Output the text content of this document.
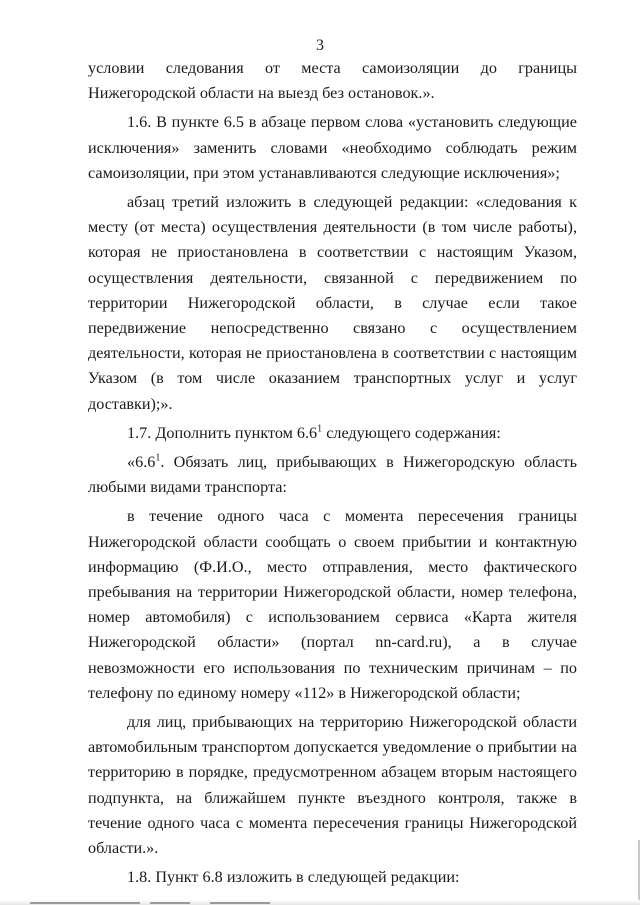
3

условии следования от места самоизоляции до границы Нижегородской области на выезд без остановок.».

1.6. В пункте 6.5 в абзаце первом слова «установить следующие исключения» заменить словами «необходимо соблюдать режим самоизоляции, при этом устанавливаются следующие исключения»;

абзац третий изложить в следующей редакции: «следования к месту (от места) осуществления деятельности (в том числе работы), которая не приостановлена в соответствии с настоящим Указом, осуществления деятельности, связанной с передвижением по территории Нижегородской области, в случае если такое передвижение непосредственно связано с осуществлением деятельности, которая не приостановлена в соответствии с настоящим Указом (в том числе оказанием транспортных услуг и услуг доставки);».

1.7. Дополнить пунктом $6.6^1$ следующего содержания:

«$6.6^1$. Обязать лиц, прибывающих в Нижегородскую область любыми видами транспорта:

в течение одного часа с момента пересечения границы Нижегородской области сообщать о своем прибытии и контактную информацию (Ф.И.О., место отправления, место фактического пребывания на территории Нижегородской области, номер телефона, номер автомобиля) с использованием сервиса «Карта жителя Нижегородской области» (портал nn-card.ru), а в случае невозможности его использования по техническим причинам – по телефону по единому номеру «112» в Нижегородской области;

для лиц, прибывающих на территорию Нижегородской области автомобильным транспортом допускается уведомление о прибытии на территорию в порядке, предусмотренном абзацем вторым настоящего подпункта, на ближайшем пункте въездного контроля, также в течение одного часа с момента пересечения границы Нижегородской области.».

1.8. Пункт 6.8 изложить в следующей редакции:
